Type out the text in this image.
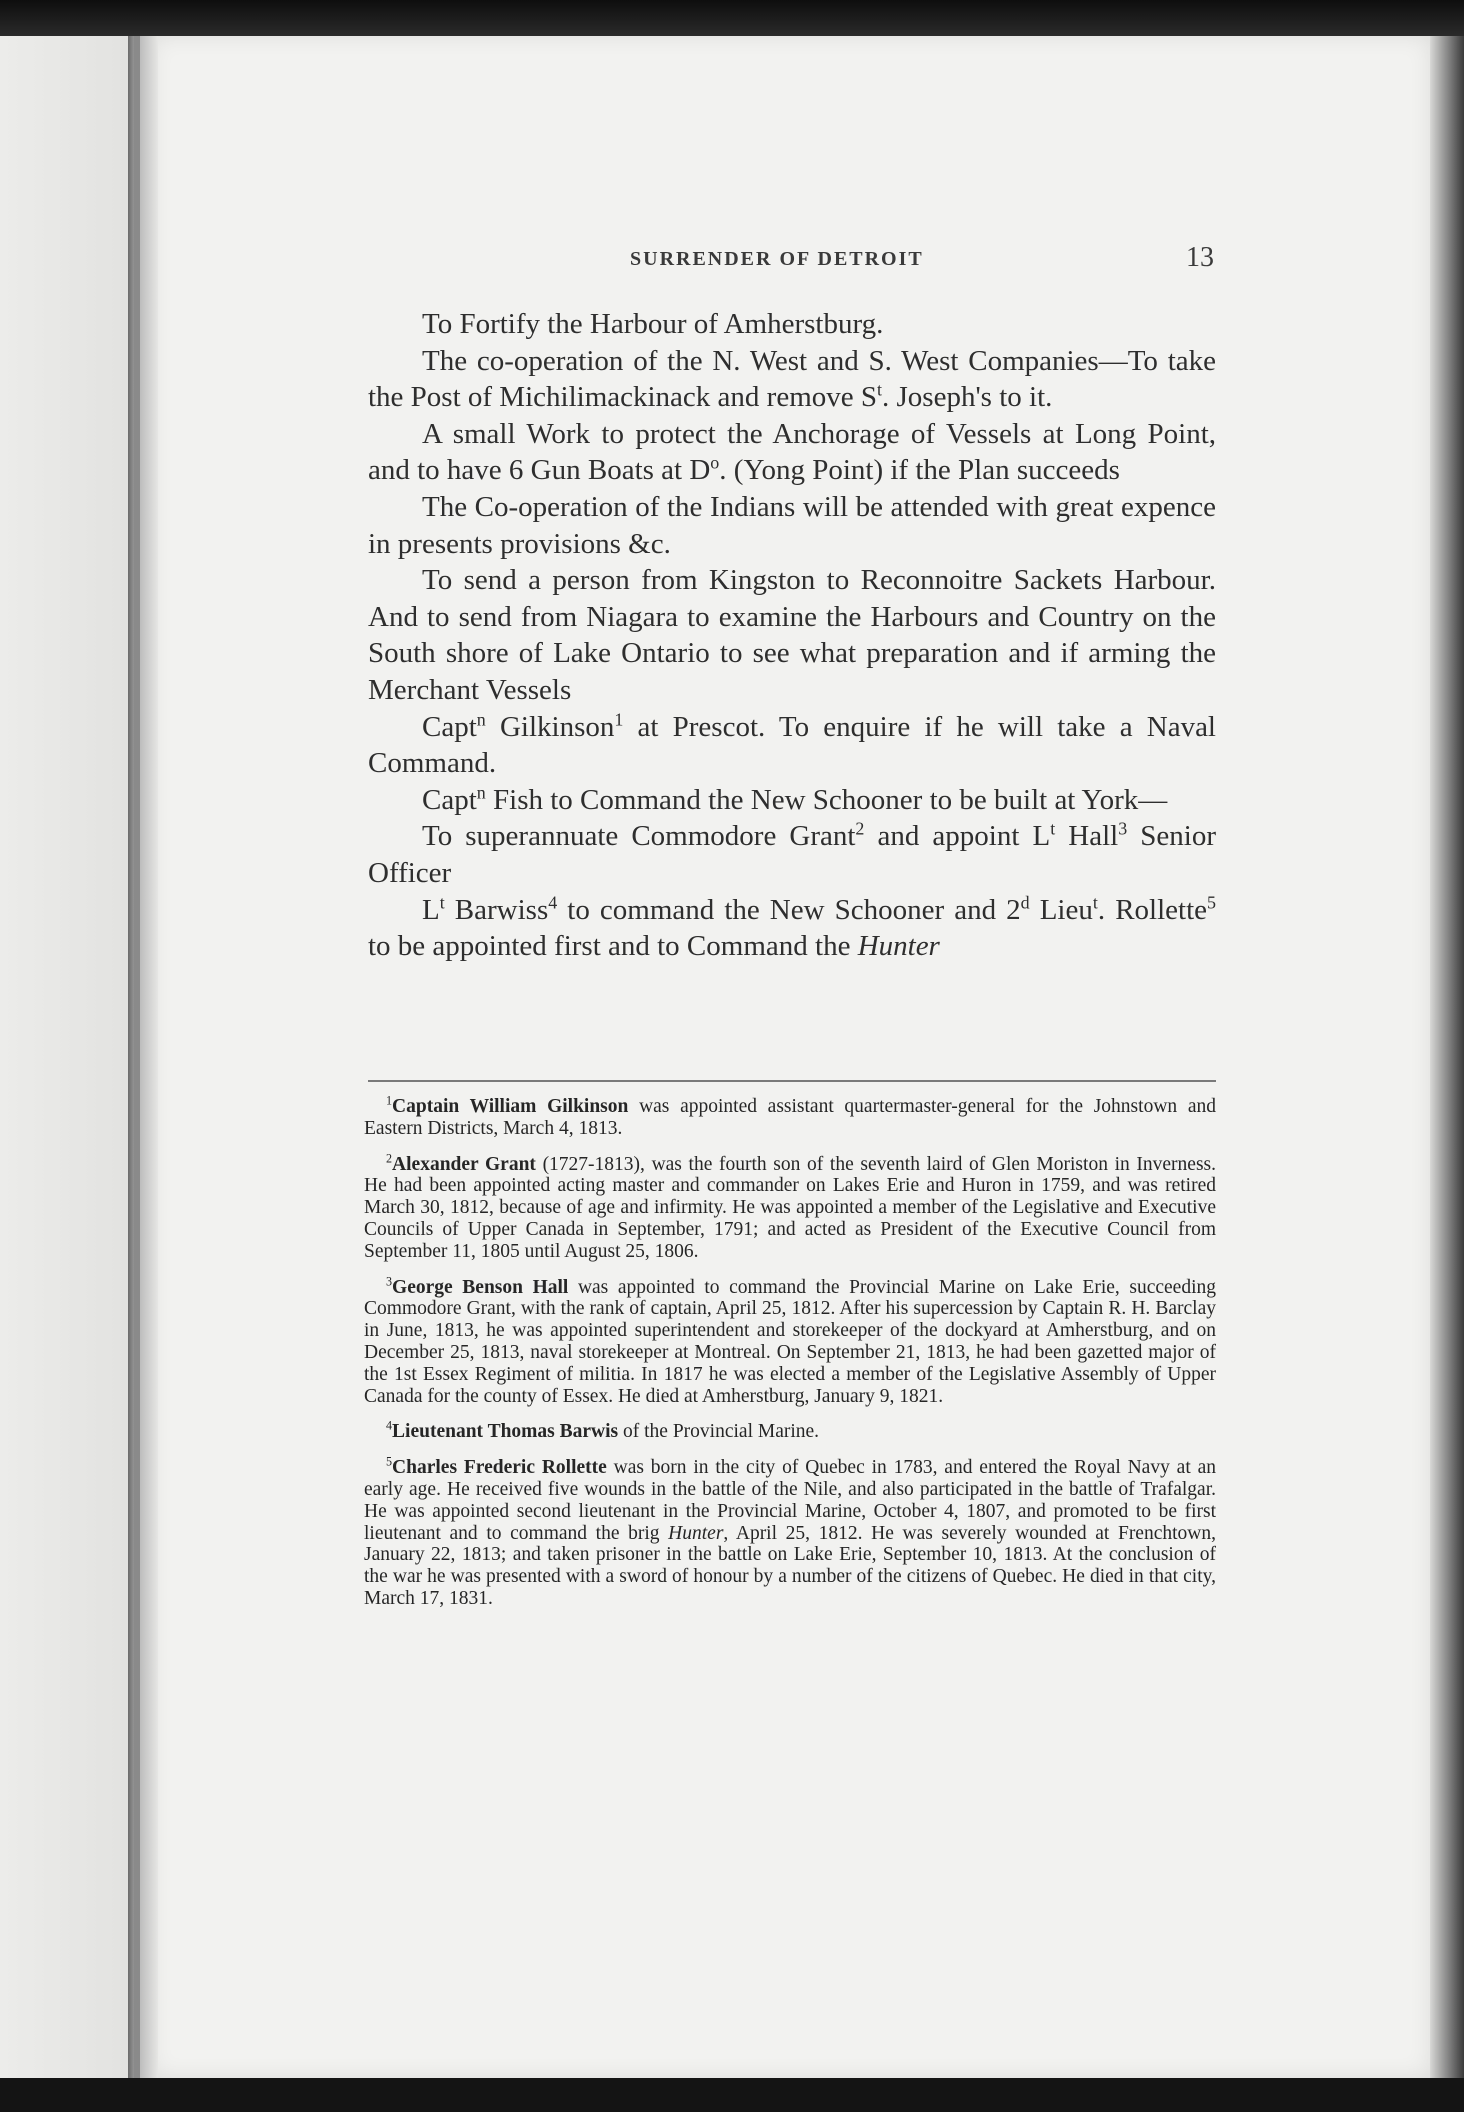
SURRENDER OF DETROIT	13

To Fortify the Harbour of Amherstburg.

The co-operation of the N. West and S. West Companies—To take the Post of Michilimackinack and remove $S^t$. Joseph's to it.

A small Work to protect the Anchorage of Vessels at Long Point, and to have 6 Gun Boats at $D^o$. (Yong Point) if the Plan succeeds

The Co-operation of the Indians will be attended with great expence in presents provisions &c.

To send a person from Kingston to Reconnoitre Sackets Harbour. And to send from Niagara to examine the Harbours and Country on the South shore of Lake Ontario to see what preparation and if arming the Merchant Vessels

Capt$^n$ Gilkinson$^1$ at Prescot. To enquire if he will take a Naval Command.

Capt$^n$ Fish to Command the New Schooner to be built at York—

To superannuate Commodore Grant$^2$ and appoint $L^t$ Hall$^3$ Senior Officer

$L^t$ Barwiss$^4$ to command the New Schooner and 2$^d$ Lieu$^t$. Rollette$^5$ to be appointed first and to Command the Hunter

$^1$Captain William Gilkinson was appointed assistant quartermaster-general for the Johnstown and Eastern Districts, March 4, 1813.

$^2$Alexander Grant (1727-1813), was the fourth son of the seventh laird of Glen Moriston in Inverness. He had been appointed acting master and commander on Lakes Erie and Huron in 1759, and was retired March 30, 1812, because of age and infirmity. He was appointed a member of the Legislative and Executive Councils of Upper Canada in September, 1791; and acted as President of the Executive Council from September 11, 1805 until August 25, 1806.

$^3$George Benson Hall was appointed to command the Provincial Marine on Lake Erie, succeeding Commodore Grant, with the rank of captain, April 25, 1812. After his supercession by Captain R. H. Barclay in June, 1813, he was appointed superintendent and storekeeper of the dockyard at Amherstburg, and on December 25, 1813, naval storekeeper at Montreal. On September 21, 1813, he had been gazetted major of the 1st Essex Regiment of militia. In 1817 he was elected a member of the Legislative Assembly of Upper Canada for the county of Essex. He died at Amherstburg, January 9, 1821.

$^4$Lieutenant Thomas Barwis of the Provincial Marine.

$^5$Charles Frederic Rollette was born in the city of Quebec in 1783, and entered the Royal Navy at an early age. He received five wounds in the battle of the Nile, and also participated in the battle of Trafalgar. He was appointed second lieutenant in the Provincial Marine, October 4, 1807, and promoted to be first lieutenant and to command the brig Hunter, April 25, 1812. He was severely wounded at Frenchtown, January 22, 1813; and taken prisoner in the battle on Lake Erie, September 10, 1813. At the conclusion of the war he was presented with a sword of honour by a number of the citizens of Quebec. He died in that city, March 17, 1831.
